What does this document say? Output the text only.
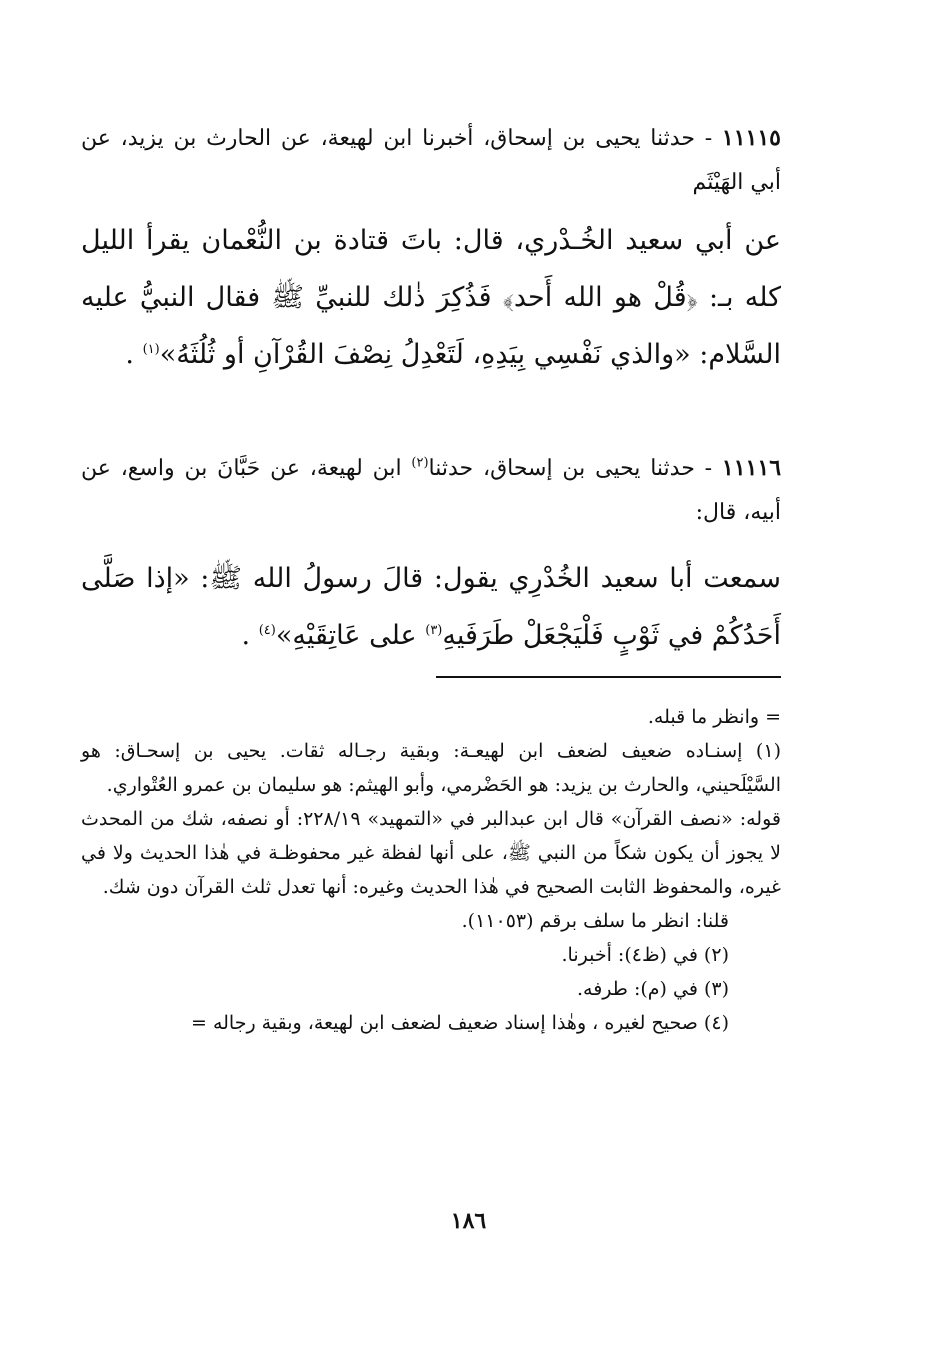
١١١١٥ - حدثنا يحيى بن إسحاق، أخبرنا ابن لهيعة، عن الحارث بن يزيد، عن أبي الهَيْثَم

عن أبي سعيد الخُـدْري، قال: باتَ قتادة بن النُّعْمان يقرأ الليل كله بـ: ﴿قُلْ هو الله أَحد﴾ فَذُكِرَ ذٰلك للنبيِّ ﷺ فقال النبيُّ عليه السَّلام: «والذي نَفْسِي بِيَدِهِ، لَتَعْدِلُ نِصْفَ القُرْآنِ أو ثُلُثَهُ»$^{(١)}$ .

١١١١٦ - حدثنا يحيى بن إسحاق، حدثنا$^{(٢)}$ ابن لهيعة، عن حَبَّانَ بن واسع، عن أبيه، قال:

سمعت أبا سعيد الخُدْرِي يقول: قالَ رسولُ الله ﷺ: «إذا صَلَّى أَحَدُكُمْ في ثَوْبٍ فَلْيَجْعَلْ طَرَفَيهِ$^{(٣)}$ على عَاتِقَيْهِ»$^{(٤)}$ .

= وانظر ما قبله.

(١) إسنـاده ضعيف لضعف ابن لهيعـة: وبقية رجـاله ثقات. يحيى بن إسحـاق: هو السَّيْلَحيني، والحارث بن يزيد: هو الحَضْرمي، وأبو الهيثم: هو سليمان بن عمرو العُتْواري.

قوله: «نصف القرآن» قال ابن عبدالبر في «التمهيد» ٢٢٨/١٩: أو نصفه، شك من المحدث لا يجوز أن يكون شكاً من النبي ﷺ، على أنها لفظة غير محفوظـة في هٰذا الحديث ولا في غيره، والمحفوظ الثابت الصحيح في هٰذا الحديث وغيره: أنها تعدل ثلث القرآن دون شك.

قلنا: انظر ما سلف برقم (١١٠٥٣).

(٢) في (ظ٤): أخبرنا.

(٣) في (م): طرفه.

(٤) صحيح لغيره ، وهٰذا إسناد ضعيف لضعف ابن لهيعة، وبقية رجاله =

١٨٦
